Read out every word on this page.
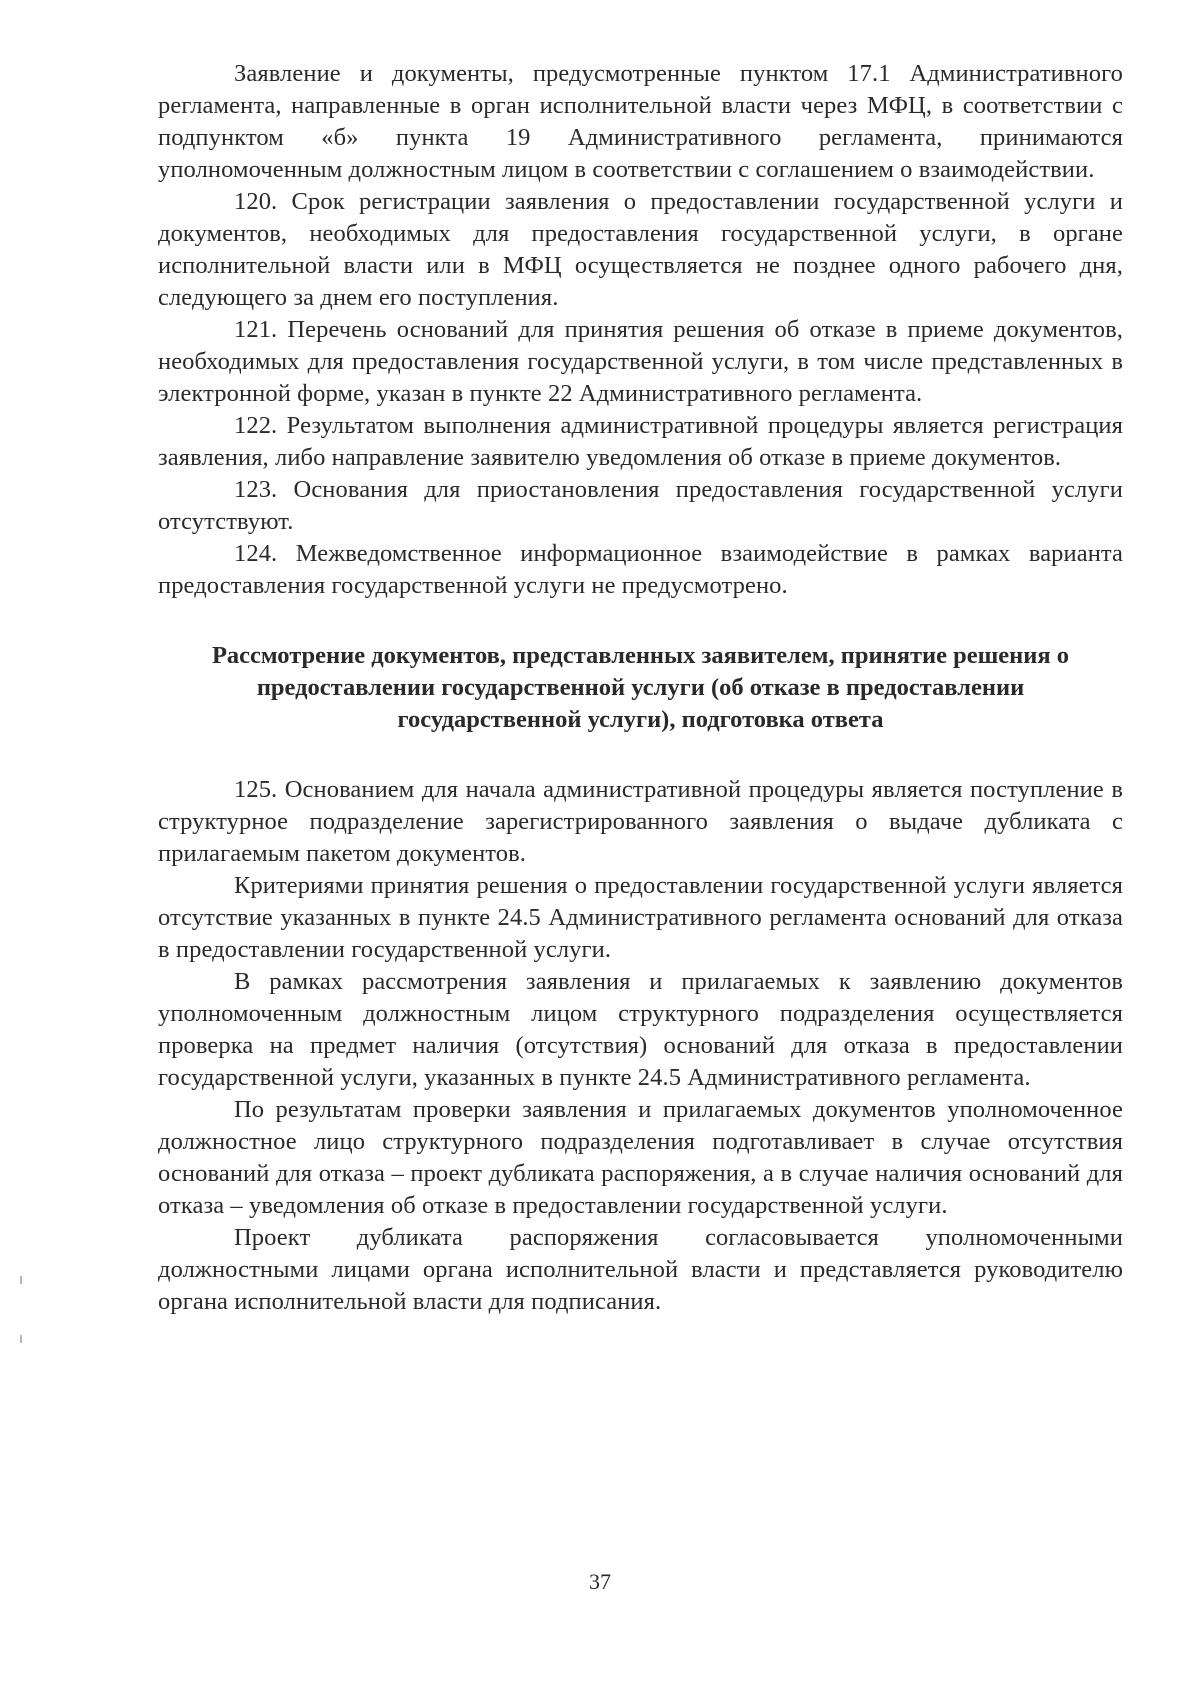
Заявление и документы, предусмотренные пунктом 17.1 Административного регламента, направленные в орган исполнительной власти через МФЦ, в соответствии с подпунктом «б» пункта 19 Административного регламента, принимаются уполномоченным должностным лицом в соответствии с соглашением о взаимодействии.

120. Срок регистрации заявления о предоставлении государственной услуги и документов, необходимых для предоставления государственной услуги, в органе исполнительной власти или в МФЦ осуществляется не позднее одного рабочего дня, следующего за днем его поступления.

121. Перечень оснований для принятия решения об отказе в приеме документов, необходимых для предоставления государственной услуги, в том числе представленных в электронной форме, указан в пункте 22 Административного регламента.

122. Результатом выполнения административной процедуры является регистрация заявления, либо направление заявителю уведомления об отказе в приеме документов.

123. Основания для приостановления предоставления государственной услуги отсутствуют.

124. Межведомственное информационное взаимодействие в рамках варианта предоставления государственной услуги не предусмотрено.

Рассмотрение документов, представленных заявителем, принятие решения о предоставлении государственной услуги (об отказе в предоставлении государственной услуги), подготовка ответа

125. Основанием для начала административной процедуры является поступление в структурное подразделение зарегистрированного заявления о выдаче дубликата с прилагаемым пакетом документов.

Критериями принятия решения о предоставлении государственной услуги является отсутствие указанных в пункте 24.5 Административного регламента оснований для отказа в предоставлении государственной услуги.

В рамках рассмотрения заявления и прилагаемых к заявлению документов уполномоченным должностным лицом структурного подразделения осуществляется проверка на предмет наличия (отсутствия) оснований для отказа в предоставлении государственной услуги, указанных в пункте 24.5 Административного регламента.

По результатам проверки заявления и прилагаемых документов уполномоченное должностное лицо структурного подразделения подготавливает в случае отсутствия оснований для отказа – проект дубликата распоряжения, а в случае наличия оснований для отказа – уведомления об отказе в предоставлении государственной услуги.

Проект дубликата распоряжения согласовывается уполномоченными должностными лицами органа исполнительной власти и представляется руководителю органа исполнительной власти для подписания.

37
